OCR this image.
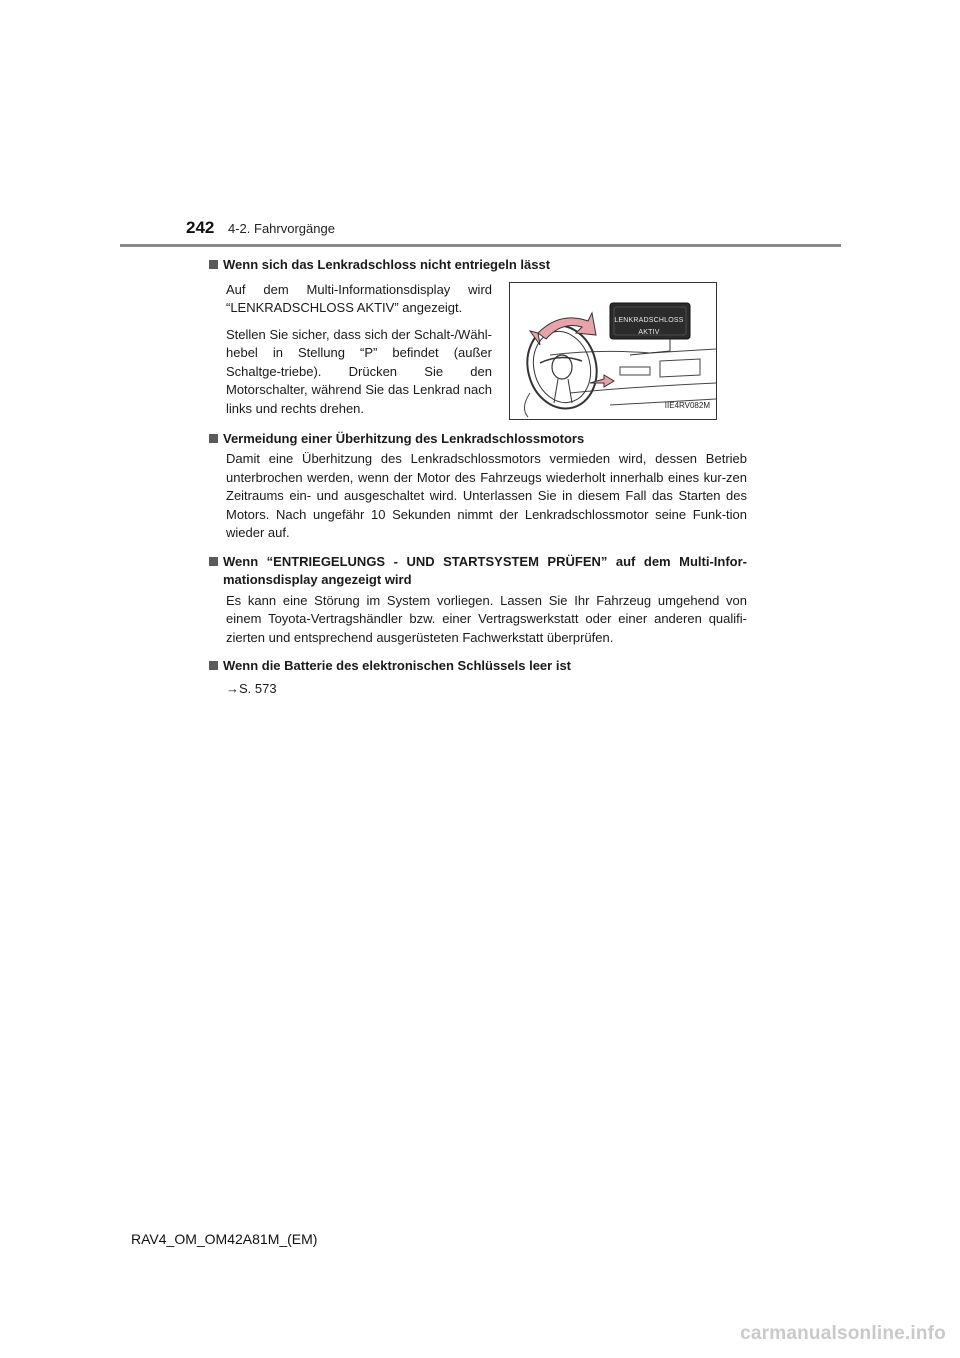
242 4-2. Fahrvorgänge

Wenn sich das Lenkradschloss nicht entriegeln lässt

Auf dem Multi-Informationsdisplay wird “LENKRADSCHLOSS AKTIV” angezeigt.

Stellen Sie sicher, dass sich der Schalt-/Wähl-hebel in Stellung “P” befindet (außer Schaltge-triebe). Drücken Sie den Motorschalter, während Sie das Lenkrad nach links und rechts drehen.

LENKRADSCHLOSS
AKTIV
IIE4RV082M

Vermeidung einer Überhitzung des Lenkradschlossmotors

Damit eine Überhitzung des Lenkradschlossmotors vermieden wird, dessen Betrieb unterbrochen werden, wenn der Motor des Fahrzeugs wiederholt innerhalb eines kur-zen Zeitraums ein- und ausgeschaltet wird. Unterlassen Sie in diesem Fall das Starten des Motors. Nach ungefähr 10 Sekunden nimmt der Lenkradschlossmotor seine Funk-tion wieder auf.

Wenn “ENTRIEGELUNGS - UND STARTSYSTEM PRÜFEN” auf dem Multi-Infor-mationsdisplay angezeigt wird

Es kann eine Störung im System vorliegen. Lassen Sie Ihr Fahrzeug umgehend von einem Toyota-Vertragshändler bzw. einer Vertragswerkstatt oder einer anderen qualifi-zierten und entsprechend ausgerüsteten Fachwerkstatt überprüfen.

Wenn die Batterie des elektronischen Schlüssels leer ist

→S. 573

RAV4_OM_OM42A81M_(EM)
carmanualsonline.info
